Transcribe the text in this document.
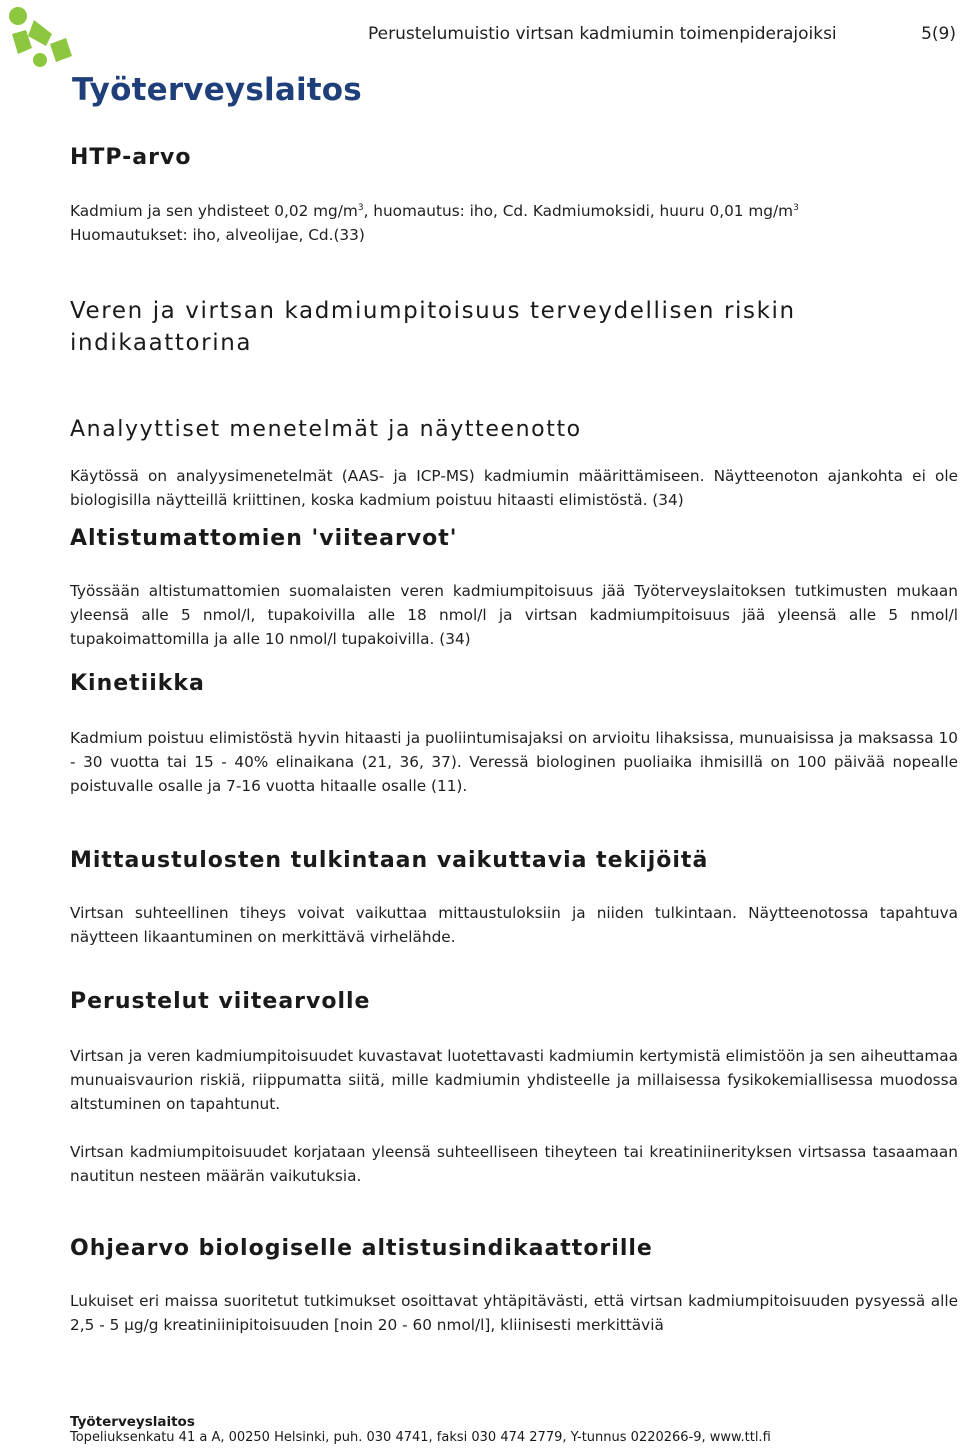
Työterveyslaitos
Perustelumuistio virtsan kadmiumin toimenpiderajoiksi	5(9)
HTP-arvo

Kadmium ja sen yhdisteet 0,02 $mg/m^3$, huomautus: iho, Cd. Kadmiumoksidi, huuru 0,01 $mg/m^3$

Huomautukset: iho, alveolijae, Cd.(33)

Veren ja virtsan kadmiumpitoisuus terveydellisen riskin indikaattorina
Analyyttiset menetelmät ja näytteenotto

Käytössä on analyysimenetelmät (AAS- ja ICP-MS) kadmiumin määrittämiseen. Näytteenoton ajankohta ei ole biologisilla näytteillä kriittinen, koska kadmium poistuu hitaasti elimistöstä. (34)

Altistumattomien 'viitearvot'

Työssään altistumattomien suomalaisten veren kadmiumpitoisuus jää Työterveyslaitoksen tutkimusten mukaan yleensä alle 5 nmol/l, tupakoivilla alle 18 nmol/l ja virtsan kadmiumpitoisuus jää yleensä alle 5 nmol/l tupakoimattomilla ja alle 10 nmol/l tupakoivilla. (34)

Kinetiikka

Kadmium poistuu elimistöstä hyvin hitaasti ja puoliintumisajaksi on arvioitu lihaksissa, munuaisissa ja maksassa 10 - 30 vuotta tai 15 - 40% elinaikana (21, 36, 37). Veressä biologinen puoliaika ihmisillä on 100 päivää nopealle poistuvalle osalle ja 7-16 vuotta hitaalle osalle (11).

Mittaustulosten tulkintaan vaikuttavia tekijöitä

Virtsan suhteellinen tiheys voivat vaikuttaa mittaustuloksiin ja niiden tulkintaan. Näytteenotossa tapahtuva näytteen likaantuminen on merkittävä virhelähde.

Perustelut viitearvolle

Virtsan ja veren kadmiumpitoisuudet kuvastavat luotettavasti kadmiumin kertymistä elimistöön ja sen aiheuttamaa munuaisvaurion riskiä, riippumatta siitä, mille kadmiumin yhdisteelle ja millaisessa fysikokemiallisessa muodossa altstuminen on tapahtunut.

Virtsan kadmiumpitoisuudet korjataan yleensä suhteelliseen tiheyteen tai kreatiniinerityksen virtsassa tasaamaan nautitun nesteen määrän vaikutuksia.

Ohjearvo biologiselle altistusindikaattorille

Lukuiset eri maissa suoritetut tutkimukset osoittavat yhtäpitävästi, että virtsan kadmiumpitoisuuden pysyessä alle 2,5 - 5 µg/g kreatiniinipitoisuuden [noin 20 - 60 nmol/l], kliinisesti merkittäviä

Työterveyslaitos
Topeliuksenkatu 41 a A, 00250 Helsinki, puh. 030 4741, faksi 030 474 2779, Y-tunnus 0220266-9, www.ttl.fi
